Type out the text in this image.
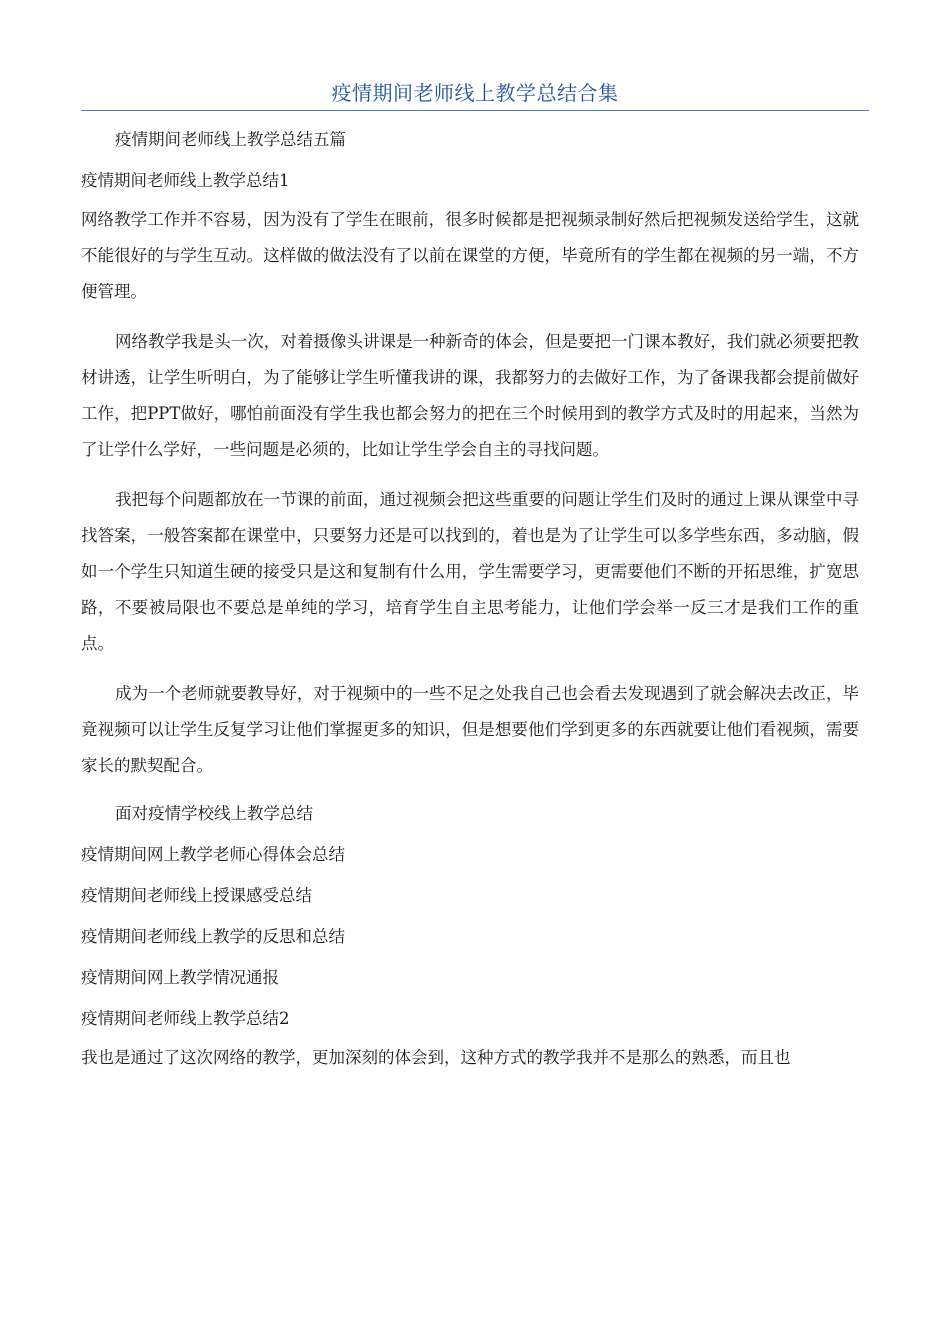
疫情期间老师线上教学总结合集

疫情期间老师线上教学总结五篇

疫情期间老师线上教学总结1

网络教学工作并不容易，因为没有了学生在眼前，很多时候都是把视频录制好然后把视频发送给学生，这就不能很好的与学生互动。这样做的做法没有了以前在课堂的方便，毕竟所有的学生都在视频的另一端，不方便管理。

网络教学我是头一次，对着摄像头讲课是一种新奇的体会，但是要把一门课本教好，我们就必须要把教材讲透，让学生听明白，为了能够让学生听懂我讲的课，我都努力的去做好工作，为了备课我都会提前做好工作，把PPT做好，哪怕前面没有学生我也都会努力的把在三个时候用到的教学方式及时的用起来，当然为了让学什么学好，一些问题是必须的，比如让学生学会自主的寻找问题。

我把每个问题都放在一节课的前面，通过视频会把这些重要的问题让学生们及时的通过上课从课堂中寻找答案，一般答案都在课堂中，只要努力还是可以找到的，着也是为了让学生可以多学些东西，多动脑，假如一个学生只知道生硬的接受只是这和复制有什么用，学生需要学习，更需要他们不断的开拓思维，扩宽思路，不要被局限也不要总是单纯的学习，培育学生自主思考能力，让他们学会举一反三才是我们工作的重点。

成为一个老师就要教导好，对于视频中的一些不足之处我自己也会看去发现遇到了就会解决去改正，毕竟视频可以让学生反复学习让他们掌握更多的知识，但是想要他们学到更多的东西就要让他们看视频，需要家长的默契配合。

面对疫情学校线上教学总结

疫情期间网上教学老师心得体会总结

疫情期间老师线上授课感受总结

疫情期间老师线上教学的反思和总结

疫情期间网上教学情况通报

疫情期间老师线上教学总结2

我也是通过了这次网络的教学，更加深刻的体会到，这种方式的教学我并不是那么的熟悉，而且也
